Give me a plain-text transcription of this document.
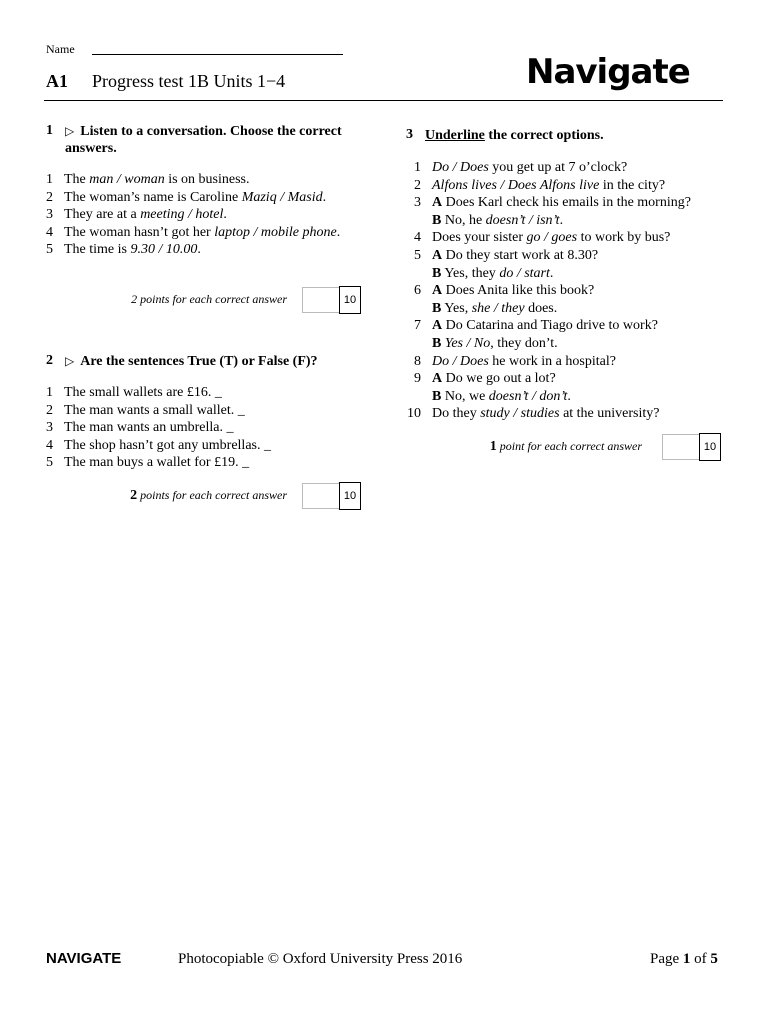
Name
A1 Progress test 1B Units 1−4	Navigate
1 ▷ Listen to a conversation. Choose the correct
answers.
1 The man / woman is on business.
2 The woman’s name is Caroline Maziq / Masid.
3 They are at a meeting / hotel.
4 The woman hasn’t got her laptop / mobile phone.
5 The time is 9.30 / 10.00.
2 points for each correct answer	10
2 ▷ Are the sentences True (T) or False (F)?
1 The small wallets are £16. _
2 The man wants a small wallet. _
3 The man wants an umbrella. _
4 The shop hasn’t got any umbrellas. _
5 The man buys a wallet for £19. _
2 points for each correct answer	10
3 Underline the correct options.
1 Do / Does you get up at 7 o’clock?
2 Alfons lives / Does Alfons live in the city?
3 A Does Karl check his emails in the morning?
B No, he doesn’t / isn’t.
4 Does your sister go / goes to work by bus?
5 A Do they start work at 8.30?
B Yes, they do / start.
6 A Does Anita like this book?
B Yes, she / they does.
7 A Do Catarina and Tiago drive to work?
B Yes / No, they don’t.
8 Do / Does he work in a hospital?
9 A Do we go out a lot?
B No, we doesn’t / don’t.
10 Do they study / studies at the university?
1 point for each correct answer	10
NAVIGATE	Photocopiable © Oxford University Press 2016	Page 1 of 5
